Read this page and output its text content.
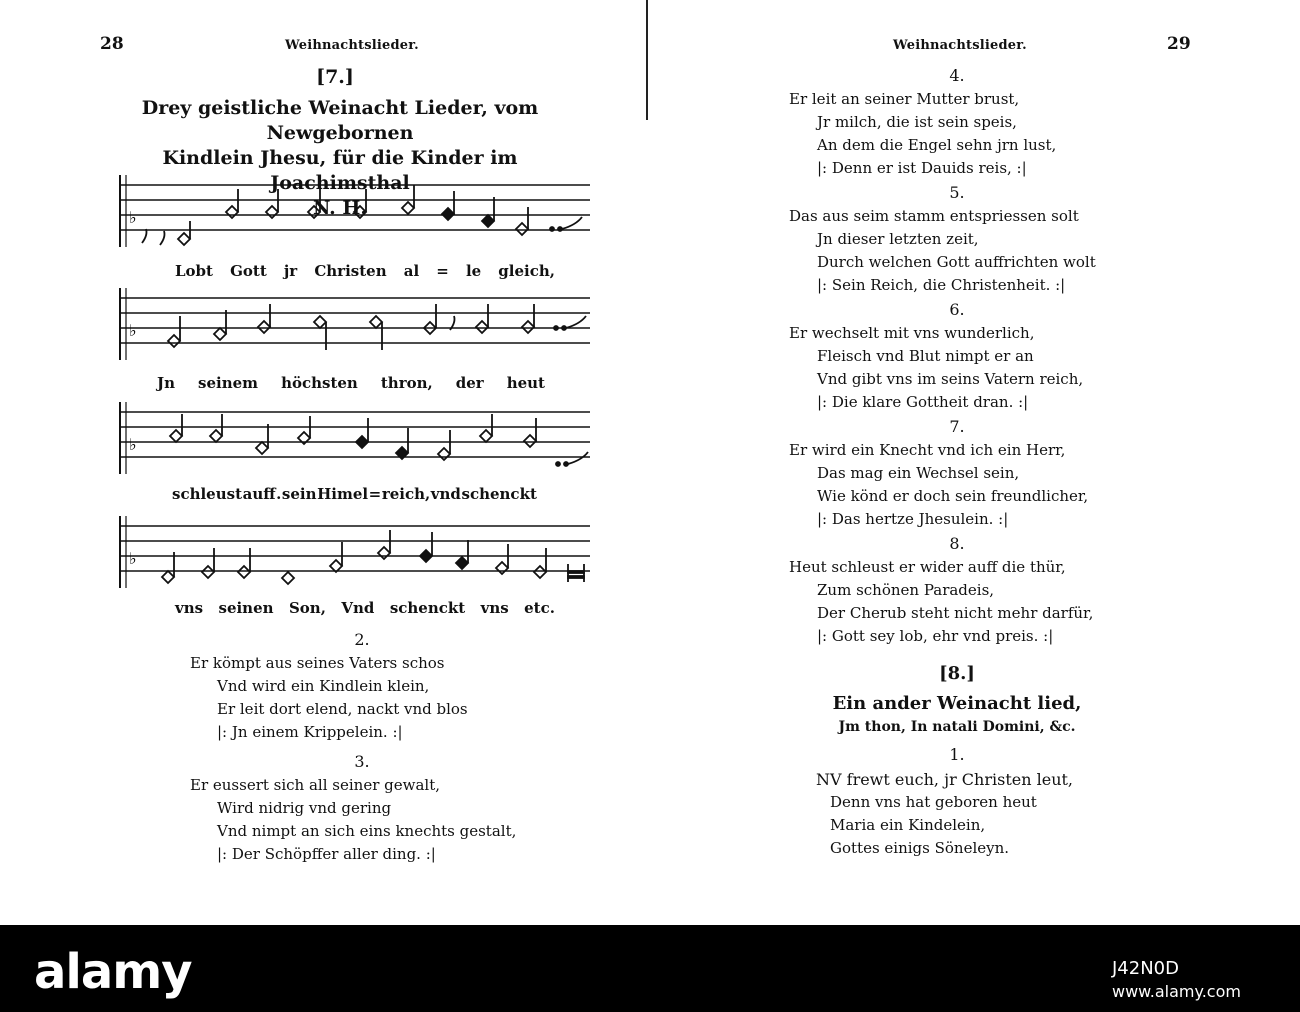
28	Weihnachtslieder.
[7.]
Drey geistliche Weinacht Lieder, vom Newgebornen
Kindlein Jhesu, für die Kinder im Joachimsthal
N. H.
♭
Lobt Gott jr Christen al = le gleich,
♭
Jn seinem höchsten thron, der heut
♭
schleust auff . sein Himel = reich, vnd schenckt
♭
vns seinen Son, Vnd schenckt vns etc.
2.
Er kömpt aus seines Vaters schos
Vnd wird ein Kindlein klein,
Er leit dort elend, nackt vnd blos
|: Jn einem Krippelein. :|
3.
Er eussert sich all seiner gewalt,
Wird nidrig vnd gering
Vnd nimpt an sich eins knechts gestalt,
|: Der Schöpffer aller ding. :|
Weihnachtslieder.	29
4.
Er leit an seiner Mutter brust,
Jr milch, die ist sein speis,
An dem die Engel sehn jrn lust,
|: Denn er ist Dauids reis, :|
5.
Das aus seim stamm entspriessen solt
Jn dieser letzten zeit,
Durch welchen Gott auffrichten wolt
|: Sein Reich, die Christenheit. :|
6.
Er wechselt mit vns wunderlich,
Fleisch vnd Blut nimpt er an
Vnd gibt vns im seins Vatern reich,
|: Die klare Gottheit dran. :|
7.
Er wird ein Knecht vnd ich ein Herr,
Das mag ein Wechsel sein,
Wie könd er doch sein freundlicher,
|: Das hertze Jhesulein. :|
8.
Heut schleust er wider auff die thür,
Zum schönen Paradeis,
Der Cherub steht nicht mehr darfür,
|: Gott sey lob, ehr vnd preis. :|
[8.]
Ein ander Weinacht lied,
Jm thon, In natali Domini, &c.
1.
NV frewt euch, jr Christen leut,
Denn vns hat geboren heut
Maria ein Kindelein,
Gottes einigs Söneleyn.
alamy	J42N0D
www.alamy.com
